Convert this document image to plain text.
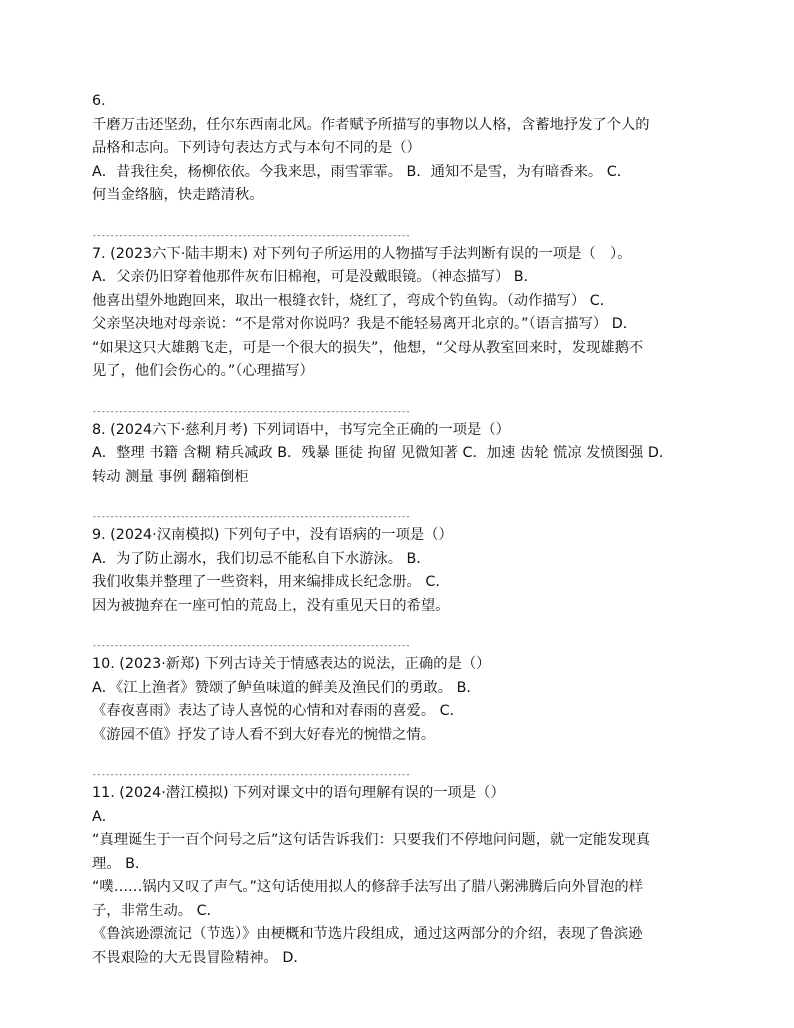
6.
千磨万击还坚劲，任尔东西南北风。作者赋予所描写的事物以人格，含蓄地抒发了个人的
品格和志向。下列诗句表达方式与本句不同的是（）
A．昔我往矣，杨柳依依。今我来思，雨雪霏霏。 B．通知不是雪，为有暗香来。 C．
何当金络脑，快走踏清秋。
------------------------------------------------------------------------
7. (2023六下·陆丰期末) 对下列句子所运用的人物描写手法判断有误的一项是（　）。
A．父亲仍旧穿着他那件灰布旧棉袍，可是没戴眼镜。（神态描写） B．
他喜出望外地跑回来，取出一根缝衣针，烧红了，弯成个钓鱼钩。（动作描写） C．
父亲坚决地对母亲说：“不是常对你说吗？我是不能轻易离开北京的。”（语言描写） D．
“如果这只大雄鹅飞走，可是一个很大的损失”，他想，“父母从教室回来时，发现雄鹅不
见了，他们会伤心的。”（心理描写）
------------------------------------------------------------------------
8. (2024六下·慈利月考) 下列词语中，书写完全正确的一项是（）
A．整理 书籍 含糊 精兵减政 B．残暴 匪徒 拘留 见微知著 C．加速 齿轮 慌凉 发愤图强 D．
转动 测量 事例 翻箱倒柜
------------------------------------------------------------------------
9. (2024·汉南模拟) 下列句子中，没有语病的一项是（）
A．为了防止溺水，我们切忌不能私自下水游泳。 B．
我们收集并整理了一些资料，用来编排成长纪念册。 C．
因为被抛弃在一座可怕的荒岛上，没有重见天日的希望。
------------------------------------------------------------------------
10. (2023·新郑) 下列古诗关于情感表达的说法，正确的是（）
A．《江上渔者》赞颂了鲈鱼味道的鲜美及渔民们的勇敢。 B．
《春夜喜雨》表达了诗人喜悦的心情和对春雨的喜爱。 C．
《游园不值》抒发了诗人看不到大好春光的惋惜之情。
------------------------------------------------------------------------
11. (2024·潜江模拟) 下列对课文中的语句理解有误的一项是（）
A．
“真理诞生于一百个问号之后”这句话告诉我们：只要我们不停地问问题，就一定能发现真
理。 B．
“噗……锅内又叹了声气。”这句话使用拟人的修辞手法写出了腊八粥沸腾后向外冒泡的样
子，非常生动。 C．
《鲁滨逊漂流记（节选）》由梗概和节选片段组成，通过这两部分的介绍，表现了鲁滨逊
不畏艰险的大无畏冒险精神。 D．
